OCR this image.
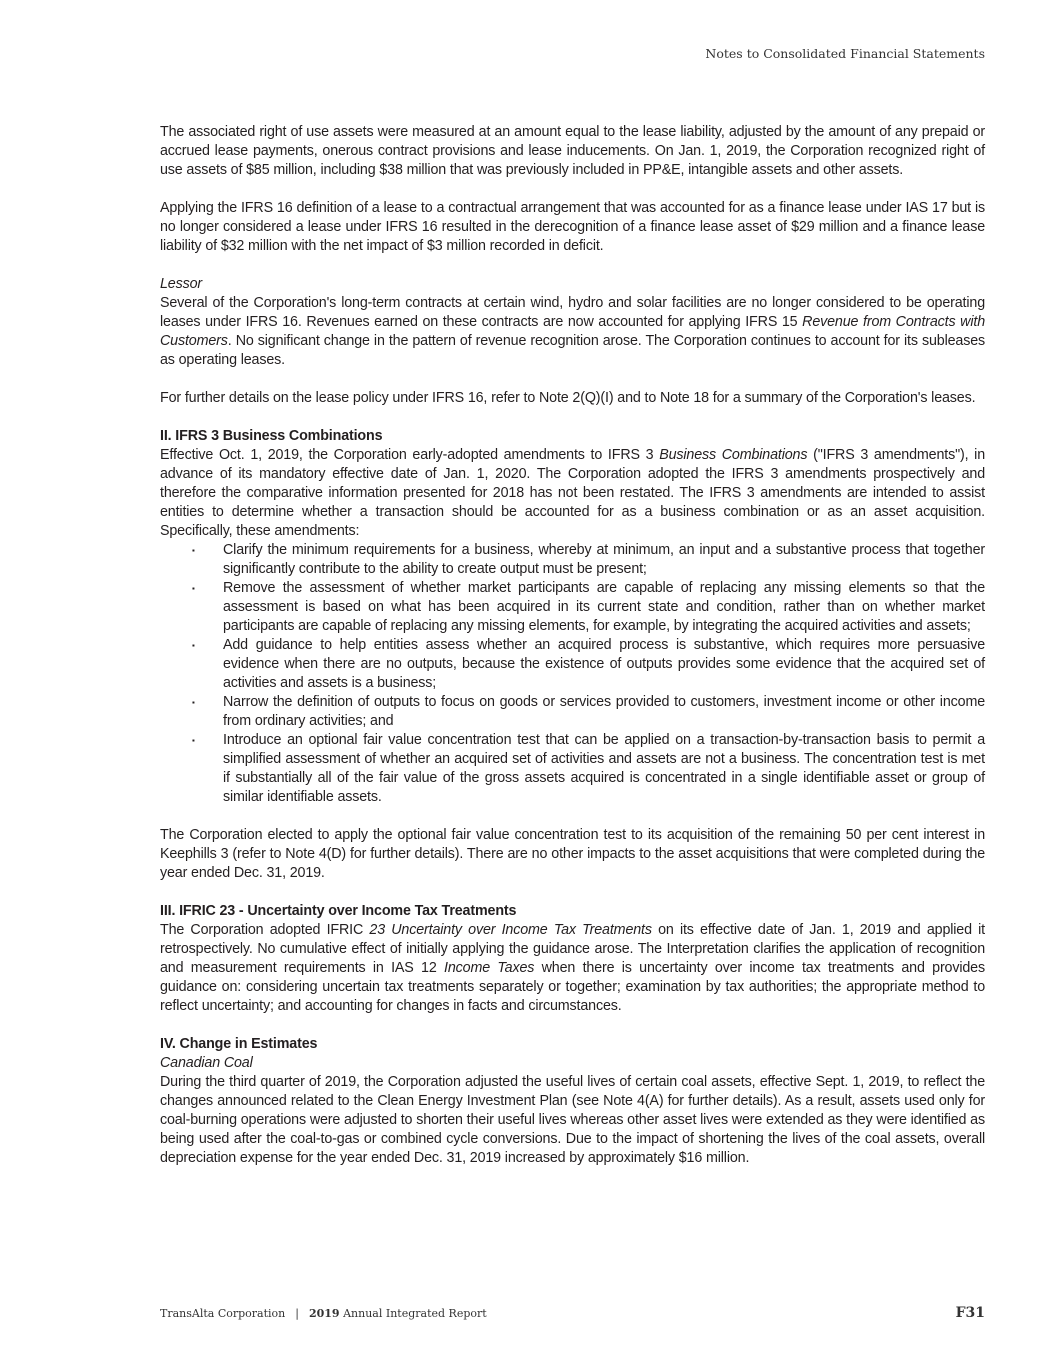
Notes to Consolidated Financial Statements

The associated right of use assets were measured at an amount equal to the lease liability, adjusted by the amount of any prepaid or accrued lease payments, onerous contract provisions and lease inducements. On Jan. 1, 2019, the Corporation recognized right of use assets of $85 million, including $38 million that was previously included in PP&E, intangible assets and other assets.

Applying the IFRS 16 definition of a lease to a contractual arrangement that was accounted for as a finance lease under IAS 17 but is no longer considered a lease under IFRS 16 resulted in the derecognition of a finance lease asset of $29 million and a finance lease liability of $32 million with the net impact of $3 million recorded in deficit.

Lessor

Several of the Corporation's long-term contracts at certain wind, hydro and solar facilities are no longer considered to be operating leases under IFRS 16. Revenues earned on these contracts are now accounted for applying IFRS 15 Revenue from Contracts with Customers. No significant change in the pattern of revenue recognition arose. The Corporation continues to account for its subleases as operating leases.

For further details on the lease policy under IFRS 16, refer to Note 2(Q)(I) and to Note 18 for a summary of the Corporation's leases.

II. IFRS 3 Business Combinations

Effective Oct. 1, 2019, the Corporation early-adopted amendments to IFRS 3 Business Combinations ("IFRS 3 amendments"), in advance of its mandatory effective date of Jan. 1, 2020. The Corporation adopted the IFRS 3 amendments prospectively and therefore the comparative information presented for 2018 has not been restated. The IFRS 3 amendments are intended to assist entities to determine whether a transaction should be accounted for as a business combination or as an asset acquisition. Specifically, these amendments:

▪ Clarify the minimum requirements for a business, whereby at minimum, an input and a substantive process that together significantly contribute to the ability to create output must be present;
▪ Remove the assessment of whether market participants are capable of replacing any missing elements so that the assessment is based on what has been acquired in its current state and condition, rather than on whether market participants are capable of replacing any missing elements, for example, by integrating the acquired activities and assets;
▪ Add guidance to help entities assess whether an acquired process is substantive, which requires more persuasive evidence when there are no outputs, because the existence of outputs provides some evidence that the acquired set of activities and assets is a business;
▪ Narrow the definition of outputs to focus on goods or services provided to customers, investment income or other income from ordinary activities; and
▪ Introduce an optional fair value concentration test that can be applied on a transaction-by-transaction basis to permit a simplified assessment of whether an acquired set of activities and assets are not a business. The concentration test is met if substantially all of the fair value of the gross assets acquired is concentrated in a single identifiable asset or group of similar identifiable assets.

The Corporation elected to apply the optional fair value concentration test to its acquisition of the remaining 50 per cent interest in Keephills 3 (refer to Note 4(D) for further details). There are no other impacts to the asset acquisitions that were completed during the year ended Dec. 31, 2019.

III. IFRIC 23 - Uncertainty over Income Tax Treatments

The Corporation adopted IFRIC 23 Uncertainty over Income Tax Treatments on its effective date of Jan. 1, 2019 and applied it retrospectively. No cumulative effect of initially applying the guidance arose. The Interpretation clarifies the application of recognition and measurement requirements in IAS 12 Income Taxes when there is uncertainty over income tax treatments and provides guidance on: considering uncertain tax treatments separately or together; examination by tax authorities; the appropriate method to reflect uncertainty; and accounting for changes in facts and circumstances.

IV. Change in Estimates

Canadian Coal

During the third quarter of 2019, the Corporation adjusted the useful lives of certain coal assets, effective Sept. 1, 2019, to reflect the changes announced related to the Clean Energy Investment Plan (see Note 4(A) for further details). As a result, assets used only for coal-burning operations were adjusted to shorten their useful lives whereas other asset lives were extended as they were identified as being used after the coal-to-gas or combined cycle conversions. Due to the impact of shortening the lives of the coal assets, overall depreciation expense for the year ended Dec. 31, 2019 increased by approximately $16 million.

TransAlta Corporation | 2019 Annual Integrated Report	F31
